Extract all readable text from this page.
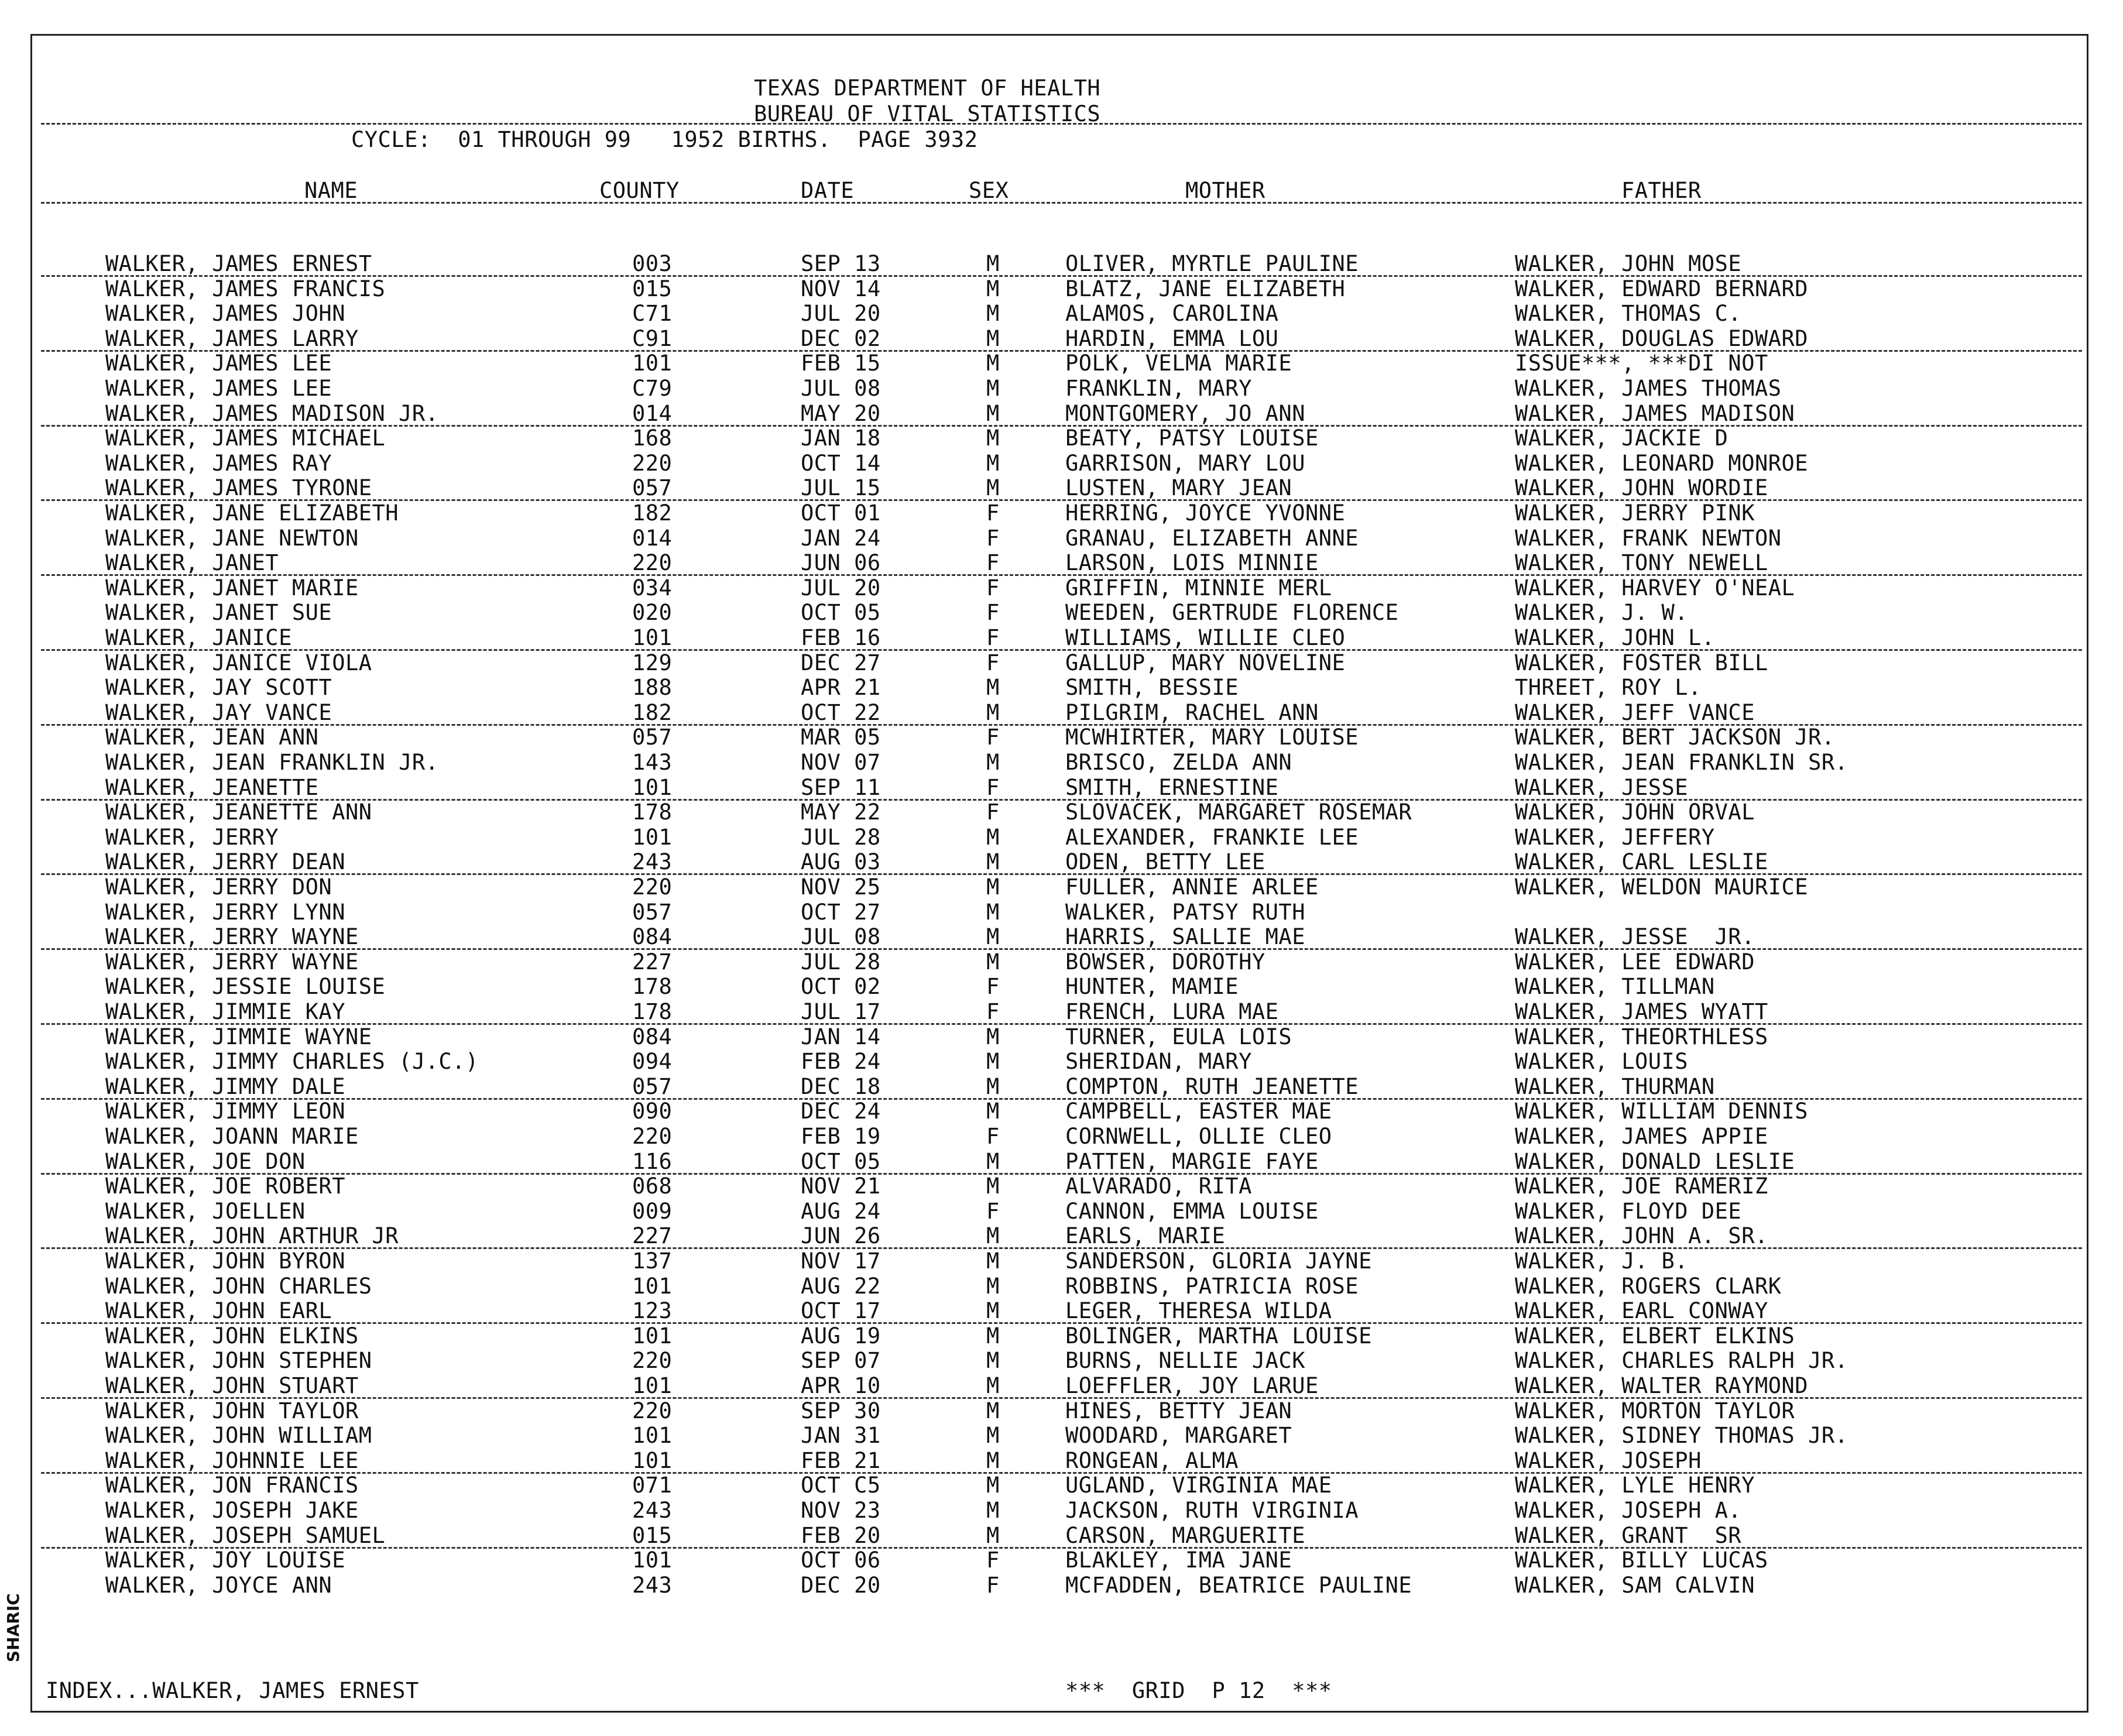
TEXAS DEPARTMENT OF HEALTH
BUREAU OF VITAL STATISTICS
CYCLE:  01 THROUGH 99   1952 BIRTHS.  PAGE 3932
NAME	COUNTY	DATE	SEX	MOTHER	FATHER
WALKER, JAMES ERNEST	003	SEP 13	M	OLIVER, MYRTLE PAULINE	WALKER, JOHN MOSE
WALKER, JAMES FRANCIS	015	NOV 14	M	BLATZ, JANE ELIZABETH	WALKER, EDWARD BERNARD
WALKER, JAMES JOHN	C71	JUL 20	M	ALAMOS, CAROLINA	WALKER, THOMAS C.
WALKER, JAMES LARRY	C91	DEC 02	M	HARDIN, EMMA LOU	WALKER, DOUGLAS EDWARD
WALKER, JAMES LEE	101	FEB 15	M	POLK, VELMA MARIE	ISSUE***, ***DI NOT
WALKER, JAMES LEE	C79	JUL 08	M	FRANKLIN, MARY	WALKER, JAMES THOMAS
WALKER, JAMES MADISON JR.	014	MAY 20	M	MONTGOMERY, JO ANN	WALKER, JAMES MADISON
WALKER, JAMES MICHAEL	168	JAN 18	M	BEATY, PATSY LOUISE	WALKER, JACKIE D
WALKER, JAMES RAY	220	OCT 14	M	GARRISON, MARY LOU	WALKER, LEONARD MONROE
WALKER, JAMES TYRONE	057	JUL 15	M	LUSTEN, MARY JEAN	WALKER, JOHN WORDIE
WALKER, JANE ELIZABETH	182	OCT 01	F	HERRING, JOYCE YVONNE	WALKER, JERRY PINK
WALKER, JANE NEWTON	014	JAN 24	F	GRANAU, ELIZABETH ANNE	WALKER, FRANK NEWTON
WALKER, JANET	220	JUN 06	F	LARSON, LOIS MINNIE	WALKER, TONY NEWELL
WALKER, JANET MARIE	034	JUL 20	F	GRIFFIN, MINNIE MERL	WALKER, HARVEY O'NEAL
WALKER, JANET SUE	020	OCT 05	F	WEEDEN, GERTRUDE FLORENCE	WALKER, J. W.
WALKER, JANICE	101	FEB 16	F	WILLIAMS, WILLIE CLEO	WALKER, JOHN L.
WALKER, JANICE VIOLA	129	DEC 27	F	GALLUP, MARY NOVELINE	WALKER, FOSTER BILL
WALKER, JAY SCOTT	188	APR 21	M	SMITH, BESSIE	THREET, ROY L.
WALKER, JAY VANCE	182	OCT 22	M	PILGRIM, RACHEL ANN	WALKER, JEFF VANCE
WALKER, JEAN ANN	057	MAR 05	F	MCWHIRTER, MARY LOUISE	WALKER, BERT JACKSON JR.
WALKER, JEAN FRANKLIN JR.	143	NOV 07	M	BRISCO, ZELDA ANN	WALKER, JEAN FRANKLIN SR.
WALKER, JEANETTE	101	SEP 11	F	SMITH, ERNESTINE	WALKER, JESSE
WALKER, JEANETTE ANN	178	MAY 22	F	SLOVACEK, MARGARET ROSEMAR	WALKER, JOHN ORVAL
WALKER, JERRY	101	JUL 28	M	ALEXANDER, FRANKIE LEE	WALKER, JEFFERY
WALKER, JERRY DEAN	243	AUG 03	M	ODEN, BETTY LEE	WALKER, CARL LESLIE
WALKER, JERRY DON	220	NOV 25	M	FULLER, ANNIE ARLEE	WALKER, WELDON MAURICE
WALKER, JERRY LYNN	057	OCT 27	M	WALKER, PATSY RUTH
WALKER, JERRY WAYNE	084	JUL 08	M	HARRIS, SALLIE MAE	WALKER, JESSE  JR.
WALKER, JERRY WAYNE	227	JUL 28	M	BOWSER, DOROTHY	WALKER, LEE EDWARD
WALKER, JESSIE LOUISE	178	OCT 02	F	HUNTER, MAMIE	WALKER, TILLMAN
WALKER, JIMMIE KAY	178	JUL 17	F	FRENCH, LURA MAE	WALKER, JAMES WYATT
WALKER, JIMMIE WAYNE	084	JAN 14	M	TURNER, EULA LOIS	WALKER, THEORTHLESS
WALKER, JIMMY CHARLES (J.C.)	094	FEB 24	M	SHERIDAN, MARY	WALKER, LOUIS
WALKER, JIMMY DALE	057	DEC 18	M	COMPTON, RUTH JEANETTE	WALKER, THURMAN
WALKER, JIMMY LEON	090	DEC 24	M	CAMPBELL, EASTER MAE	WALKER, WILLIAM DENNIS
WALKER, JOANN MARIE	220	FEB 19	F	CORNWELL, OLLIE CLEO	WALKER, JAMES APPIE
WALKER, JOE DON	116	OCT 05	M	PATTEN, MARGIE FAYE	WALKER, DONALD LESLIE
WALKER, JOE ROBERT	068	NOV 21	M	ALVARADO, RITA	WALKER, JOE RAMERIZ
WALKER, JOELLEN	009	AUG 24	F	CANNON, EMMA LOUISE	WALKER, FLOYD DEE
WALKER, JOHN ARTHUR JR	227	JUN 26	M	EARLS, MARIE	WALKER, JOHN A. SR.
WALKER, JOHN BYRON	137	NOV 17	M	SANDERSON, GLORIA JAYNE	WALKER, J. B.
WALKER, JOHN CHARLES	101	AUG 22	M	ROBBINS, PATRICIA ROSE	WALKER, ROGERS CLARK
WALKER, JOHN EARL	123	OCT 17	M	LEGER, THERESA WILDA	WALKER, EARL CONWAY
WALKER, JOHN ELKINS	101	AUG 19	M	BOLINGER, MARTHA LOUISE	WALKER, ELBERT ELKINS
WALKER, JOHN STEPHEN	220	SEP 07	M	BURNS, NELLIE JACK	WALKER, CHARLES RALPH JR.
WALKER, JOHN STUART	101	APR 10	M	LOEFFLER, JOY LARUE	WALKER, WALTER RAYMOND
WALKER, JOHN TAYLOR	220	SEP 30	M	HINES, BETTY JEAN	WALKER, MORTON TAYLOR
WALKER, JOHN WILLIAM	101	JAN 31	M	WOODARD, MARGARET	WALKER, SIDNEY THOMAS JR.
WALKER, JOHNNIE LEE	101	FEB 21	M	RONGEAN, ALMA	WALKER, JOSEPH
WALKER, JON FRANCIS	071	OCT C5	M	UGLAND, VIRGINIA MAE	WALKER, LYLE HENRY
WALKER, JOSEPH JAKE	243	NOV 23	M	JACKSON, RUTH VIRGINIA	WALKER, JOSEPH A.
WALKER, JOSEPH SAMUEL	015	FEB 20	M	CARSON, MARGUERITE	WALKER, GRANT  SR
WALKER, JOY LOUISE	101	OCT 06	F	BLAKLEY, IMA JANE	WALKER, BILLY LUCAS
WALKER, JOYCE ANN	243	DEC 20	F	MCFADDEN, BEATRICE PAULINE	WALKER, SAM CALVIN
INDEX...WALKER, JAMES ERNEST	***  GRID  P 12  ***
SHARIC
